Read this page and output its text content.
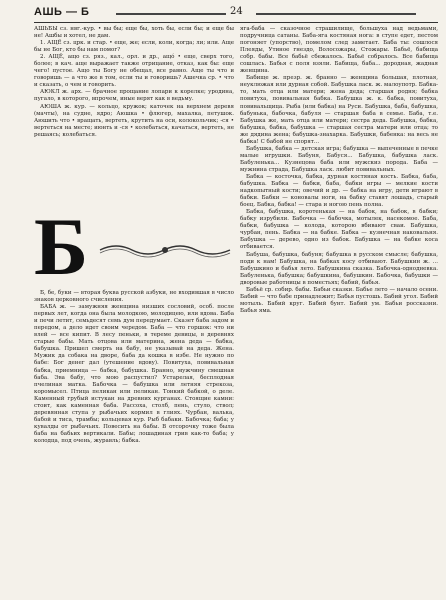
АШЬ — Б	24

АШЬБЫ сз. нвг.-кур. • вы бы; еще бы, хоть бы, если бы; и еще бы не! Ашбы и хотел, не дам.

1. АЩЁ сз. црк. и стар. • еще, же; если, коли, когда; ли; или. Аще бы не Бог, кто бы нам помог?

2. АЩЁ, ащо сз. ряз., кал., орл. и др., ащо́ • еще, сверх того, более; в кач. аще выражает также отрицание, отказ, как бы: еще чего! пустое. Ащо ты Богу не обещал, все равно. Аще ты что и говоришь — а что же в том, если ты и говоришь? Ашечка ср. • что и сказать, о чем и говорить.

АЮКЛ ж. арх. — брачное прощание лопари к корелке; уродина, пугало, в которого, впрочем, иные верят как в ведьму.

АЮША ж. кур. — кольцо, кружок; каточек на верхнем деревя (мачты), на судне, ядро; Аюшка • флюгер, махалка, петушок. Аюшить что • вращать, вертеть, крутить на оси, колокольчик; -ся • вертеться на месте; июнть и -ся • колебаться, качаться, вертеть, не решаясь; колебаться.

Б

Б, бе, буки — вторая буква русской азбуки, не входившая в число знаков церковного счисления.

БАБА ж. — замужняя женщина низших сословий, особ. после первых лет, когда она была молодкою, молодицею, или вдова. Баба и печи летит, семьдесят семь дум передумает. Сказет баба задом и передом, а дело идет своим чередом. Баба — что горшок: что ни влей — все кипит. В лесу пеньки, в тереме девицы, в деревнях старые бабы. Мать отцова или материна, жена деда — бабка, бабушка. Пришел смерть на бабу, не указывай на деда. Жена. Мужик да собака на дворе, баба да кошка в избе. Не нужно по бабе: Бог денег дал (утешение вдову). Повитуха, повивальная бабка, приемница — бабка, бабушка. Бранно, мужчину смешная баба. Эва бабу, что мою распустил? Устарелая, бесплодная пчелиная матка. Бабочка — бабушка или летняя стрекоза, коромысел. Птица пеликан или пеликан. Тонкий бабкой, о деле. Каменный грубый истукан на древних курганах. Стоящие камни: стоит, как каменная баба. Рассоха, столб, пень, стуло, ствол; деревянная ступа у рыбачьих кормил в глиях. Чурбан, валька, бабой и тиса, трамбы; кольцевая кур. Рыб бабаки. Бабочка; баба; у кувалды от рыбачьих. Повесить на бабы. В отсорочку тоже была баба на бабьих вертикали. Бабы; лошадиная грив как-то баба; у колодца, под очень, журавль; бабка.

яга-баба — сказочное страшилище, большуха над ведьмами, подручница сатаны. Баба-яга костяная нога: в ступе едет, пестом погоняет (упорство), помелом след заметает. Баба ты: сошлося Плеяды, Утиное гнездо, Волосожары, Стожары. Бабьё, бабища собр. бабы. Все бабьё сбежалось. Бабьё собралось. Все бабища сошлась. Бабья с поля взяли. Бабища, баба... дородная, жадная женщина.

Бабище ж. презр. ж. бранно — женщина большая, плотная, неуклюжая или дурная собой. Бабушка ласк. ж. малоупотр. Бабка-то, мать отца или матери; жена деда; старшая родня; бабка повитуха, повивальная бабка. Бабушка ж. к. бабка, повитуха, повивальщица. Рыба (или бабка) на Руси. Бабушка, баба, бабушка, бабунька, бабочка, бабуля — старшая баба в семье. Баба, т.е. Бабушка же, мать отца или матери; сестра деда. Бабушка, бабка, бабушка, бабка, бабушка — старшая сестра матери или отца; то же дядина жена; бабушка-знахарка. Бабушки, бабенка: на весь не бабка! С бабой не спорят...

Бабушка, бабка — детская игра; бабушка — выпеченные в печке малые игрушки. Бабуня, Бабуся... Бабушка, бабушка ласк. Бабуленька... Кузнецова баба или мужскиз порода. Баба — мужнина страда, Бабушка ласк. любит повивальных.

Бабка — косточка, бабка, дурная костяная кость. Бабка, баба, бабушка. Бабка — бабки, баба, бабки игры — мелкие кости надкопытный кости; овечий и др. — бабка на игру, дети играют в бабки. Бабки — коновалы ноги, на бабку ставят лошадь, старый боец. Бабка, бабка! — стара и ногою пень полна.

Бабка, бабушка, коротенькая — на бабок, на бабок, в бабки; бабку изрубили. Бабочка — бабочка, мотылек, насекомое. Баба, бабки, бабушка — колода, которою вбивают сваи. Бабушка, чурбан, пень. Бабка — на бабке. Бабка — кузнечная наковальня. Бабушка — дерево, одно из бабок. Бабушка — на бабке коса отбивается.

Бабуша, бабушка, бабуня; бабушка в русском смысле; бабушка, поди к нам! Бабушка, на бабках косу отбивают. Бабушкин ж. ... Бабушкино и бабья лето. Бабушкина сказка. Бабочка-однодневка. Бабуленька, бабушка; бабушкина, бабушкин. Бабочка, бабушки — дворовые работницы в поместьях; бабий, бабья.

Бабьё ср. собир. бабы. Бабьи сказки. Бабье лето — начало осени. Бабий — что бабе принадлежит; Бабья пустошь. Бабий угол. Бабий мотыль. Бабий круг. Бабий бунт. Бабий ум. Бабьи россказни. Бабья яма.
